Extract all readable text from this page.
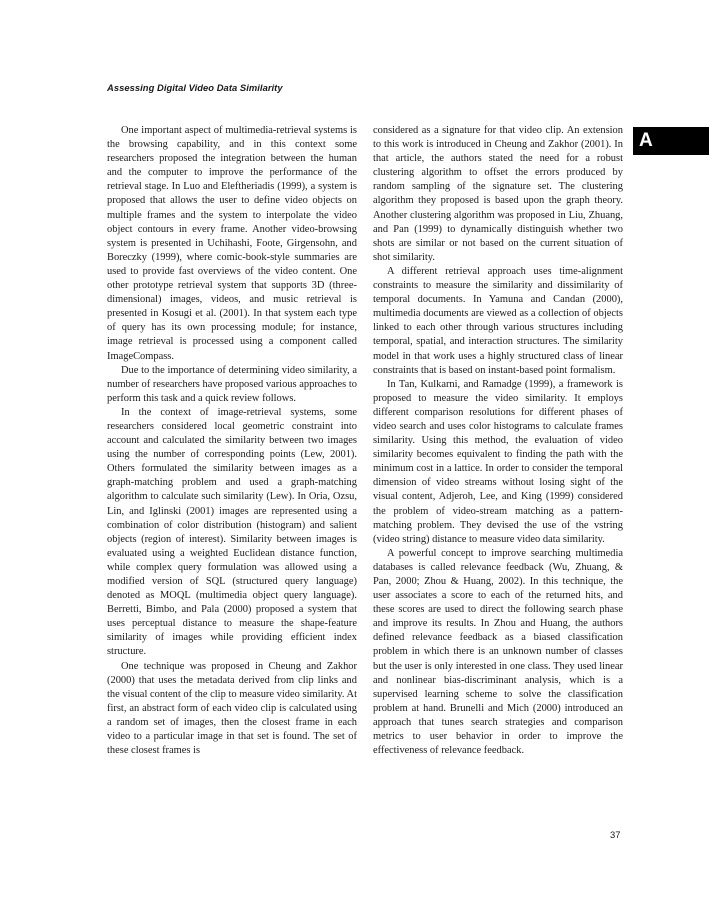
Assessing Digital Video Data Similarity
A

One important aspect of multimedia-retrieval systems is the browsing capability, and in this context some researchers proposed the integration between the human and the computer to improve the performance of the retrieval stage. In Luo and Eleftheriadis (1999), a system is proposed that allows the user to define video objects on multiple frames and the system to interpolate the video object contours in every frame. Another video-browsing system is presented in Uchihashi, Foote, Girgensohn, and Boreczky (1999), where comic-book-style summaries are used to provide fast overviews of the video content. One other prototype retrieval system that supports 3D (three-dimensional) images, videos, and music retrieval is presented in Kosugi et al. (2001). In that system each type of query has its own processing module; for instance, image retrieval is processed using a component called ImageCompass.

Due to the importance of determining video similarity, a number of researchers have proposed various approaches to perform this task and a quick review follows.

In the context of image-retrieval systems, some researchers considered local geometric constraint into account and calculated the similarity between two images using the number of corresponding points (Lew, 2001). Others formulated the similarity between images as a graph-matching problem and used a graph-matching algorithm to calculate such similarity (Lew). In Oria, Ozsu, Lin, and Iglinski (2001) images are represented using a combination of color distribution (histogram) and salient objects (region of interest). Similarity between images is evaluated using a weighted Euclidean distance function, while complex query formulation was allowed using a modified version of SQL (structured query language) denoted as MOQL (multimedia object query language). Berretti, Bimbo, and Pala (2000) proposed a system that uses perceptual distance to measure the shape-feature similarity of images while providing efficient index structure.

One technique was proposed in Cheung and Zakhor (2000) that uses the metadata derived from clip links and the visual content of the clip to measure video similarity. At first, an abstract form of each video clip is calculated using a random set of images, then the closest frame in each video to a particular image in that set is found. The set of these closest frames is

considered as a signature for that video clip. An extension to this work is introduced in Cheung and Zakhor (2001). In that article, the authors stated the need for a robust clustering algorithm to offset the errors produced by random sampling of the signature set. The clustering algorithm they proposed is based upon the graph theory. Another clustering algorithm was proposed in Liu, Zhuang, and Pan (1999) to dynamically distinguish whether two shots are similar or not based on the current situation of shot similarity.

A different retrieval approach uses time-alignment constraints to measure the similarity and dissimilarity of temporal documents. In Yamuna and Candan (2000), multimedia documents are viewed as a collection of objects linked to each other through various structures including temporal, spatial, and interaction structures. The similarity model in that work uses a highly structured class of linear constraints that is based on instant-based point formalism.

In Tan, Kulkarni, and Ramadge (1999), a framework is proposed to measure the video similarity. It employs different comparison resolutions for different phases of video search and uses color histograms to calculate frames similarity. Using this method, the evaluation of video similarity becomes equivalent to finding the path with the minimum cost in a lattice. In order to consider the temporal dimension of video streams without losing sight of the visual content, Adjeroh, Lee, and King (1999) considered the problem of video-stream matching as a pattern-matching problem. They devised the use of the vstring (video string) distance to measure video data similarity.

A powerful concept to improve searching multimedia databases is called relevance feedback (Wu, Zhuang, & Pan, 2000; Zhou & Huang, 2002). In this technique, the user associates a score to each of the returned hits, and these scores are used to direct the following search phase and improve its results. In Zhou and Huang, the authors defined relevance feedback as a biased classification problem in which there is an unknown number of classes but the user is only interested in one class. They used linear and nonlinear bias-discriminant analysis, which is a supervised learning scheme to solve the classification problem at hand. Brunelli and Mich (2000) introduced an approach that tunes search strategies and comparison metrics to user behavior in order to improve the effectiveness of relevance feedback.

37
